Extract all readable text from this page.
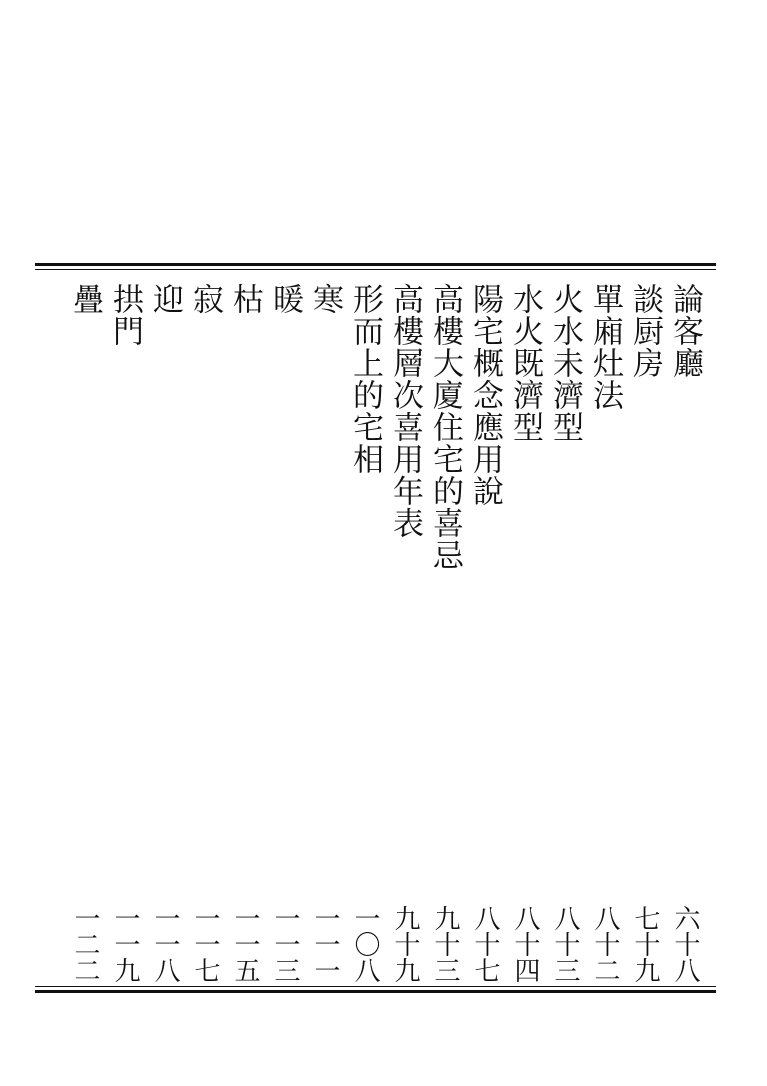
論客廳
談厨房
單廂灶法
火水未濟型
水火既濟型
陽宅概念應用說
高樓大廈住宅的喜忌
高樓層次喜用年表
形而上的宅相
寒
暖
枯
寂
迎
拱門
疊
六十八
七十九
八十二
八十三
八十四
八十七
九十三
九十九
一〇八
一一一
一一三
一一五
一一七
一一八
一一九
一二二
